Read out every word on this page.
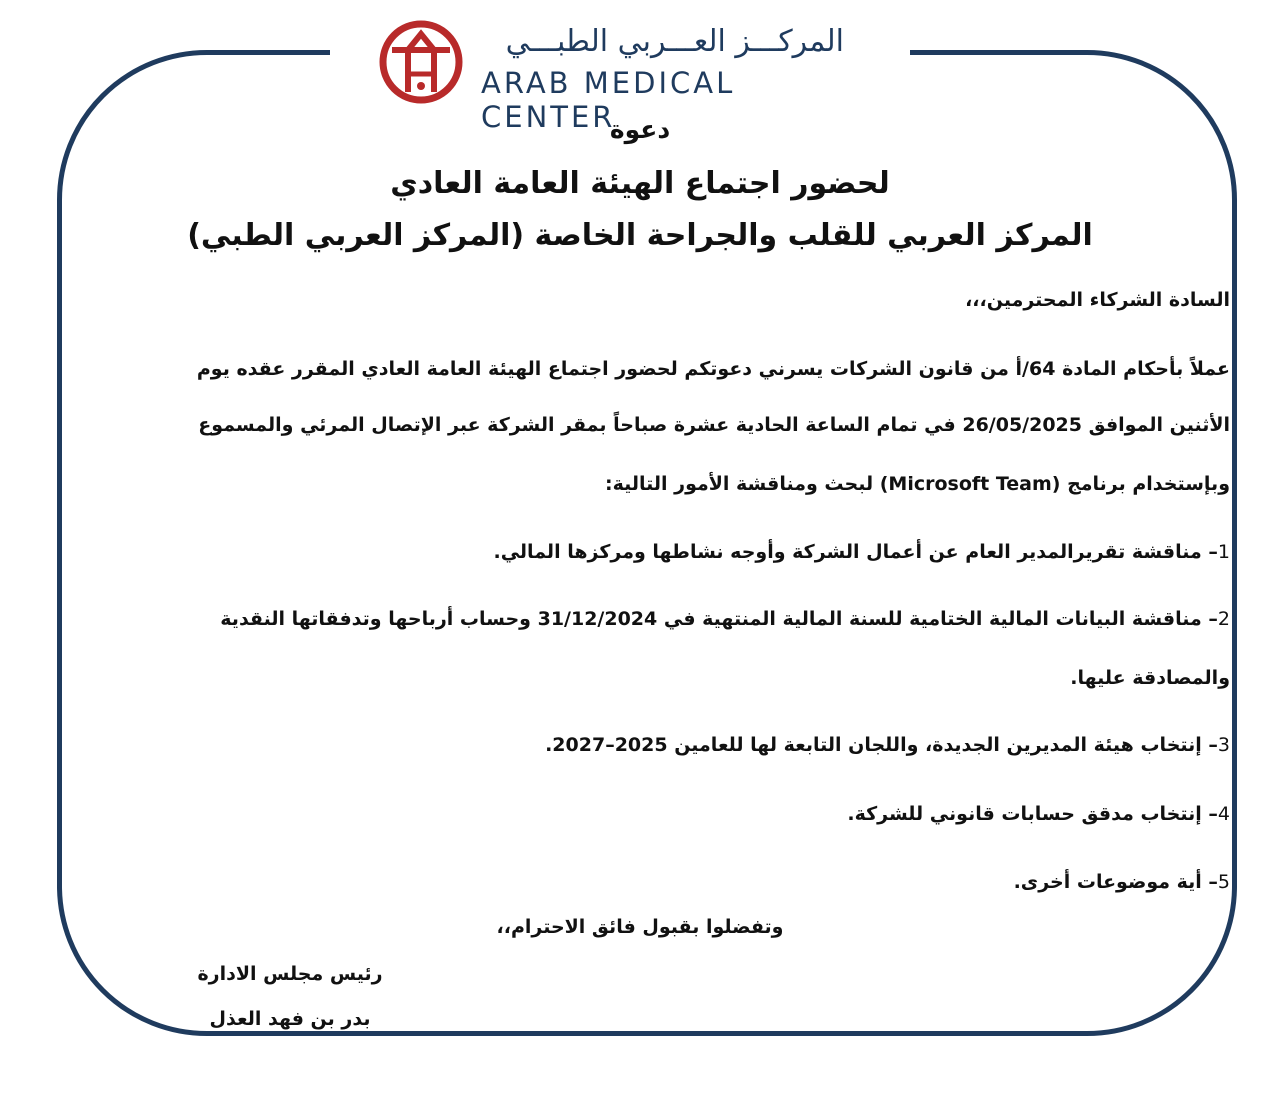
المركـــز العـــربي الطبـــي
ARAB MEDICAL CENTER
دعوة
لحضور اجتماع الهيئة العامة العادي
المركز العربي للقلب والجراحة الخاصة (المركز العربي الطبي)
السادة الشركاء المحترمين،،،
عملاً بأحكام المادة 64/أ من قانون الشركات يسرني دعوتكم لحضور اجتماع الهيئة العامة العادي المقرر عقده يوم
الأثنين الموافق 26/05/2025 في تمام الساعة الحادية عشرة صباحاً بمقر الشركة عبر الإتصال المرئي والمسموع
وبإستخدام برنامج (Microsoft Team) لبحث ومناقشة الأمور التالية:
1– مناقشة تقريرالمدير العام عن أعمال الشركة وأوجه نشاطها ومركزها المالي.
2– مناقشة البيانات المالية الختامية للسنة المالية المنتهية في 31/12/2024 وحساب أرباحها وتدفقاتها النقدية
والمصادقة عليها.
3– إنتخاب هيئة المديرين الجديدة، واللجان التابعة لها للعامين 2025–2027.
4– إنتخاب مدقق حسابات قانوني للشركة.
5– أية موضوعات أخرى.
وتفضلوا بقبول فائق الاحترام،،
رئيس مجلس الادارة
بدر بن فهد العذل
